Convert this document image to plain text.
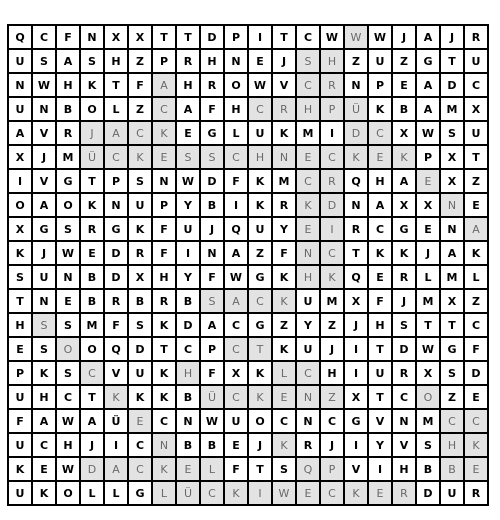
Q	C	F	N	X	X	T	T	D	P	I	T	C	W	W	W	J	A	J	R
U	S	A	S	H	Z	P	R	H	N	E	J	S	H	Z	U	Z	G	T	U
N	W	H	K	T	F	A	H	R	O	W	V	C	R	N	P	E	A	D	C
U	N	B	O	L	Z	C	A	F	H	C	R	H	P	Ü	K	B	A	M	X
A	V	R	J	A	C	K	E	G	L	U	K	M	I	D	C	X	W	S	U
X	J	M	Ü	C	K	E	S	S	C	H	N	E	C	K	E	K	P	X	T
I	V	G	T	P	S	N	W	D	F	K	M	C	R	Q	H	A	E	X	Z
O	A	O	K	N	U	P	Y	B	I	K	R	K	D	N	A	X	X	N	E
X	G	S	R	G	K	F	U	J	Q	U	Y	E	I	R	C	G	E	N	A
K	J	W	E	D	R	F	I	N	A	Z	F	N	C	T	K	K	J	A	K
S	U	N	B	D	X	H	Y	F	W	G	K	H	K	Q	E	R	L	M	L
T	N	E	B	R	B	R	B	S	A	C	K	U	M	X	F	J	M	X	Z
H	S	S	M	F	S	K	D	A	C	G	Z	Y	Z	J	H	S	T	T	C
E	S	O	O	Q	D	T	C	P	C	T	K	U	J	I	T	D	W	G	F
P	K	S	C	V	U	K	H	F	X	K	L	C	H	I	U	R	X	S	D
U	H	C	T	K	K	K	B	Ü	C	K	E	N	Z	X	T	C	O	Z	E
F	A	W	A	Ü	E	C	N	W	U	O	C	N	C	G	V	N	M	C	C
U	C	H	J	I	C	N	B	B	E	J	K	R	J	I	Y	V	S	H	K
K	E	W	D	A	C	K	E	L	F	T	S	Q	P	V	I	H	B	B	E
U	K	O	L	L	G	L	Ü	C	K	I	W	E	C	K	E	R	D	U	R
